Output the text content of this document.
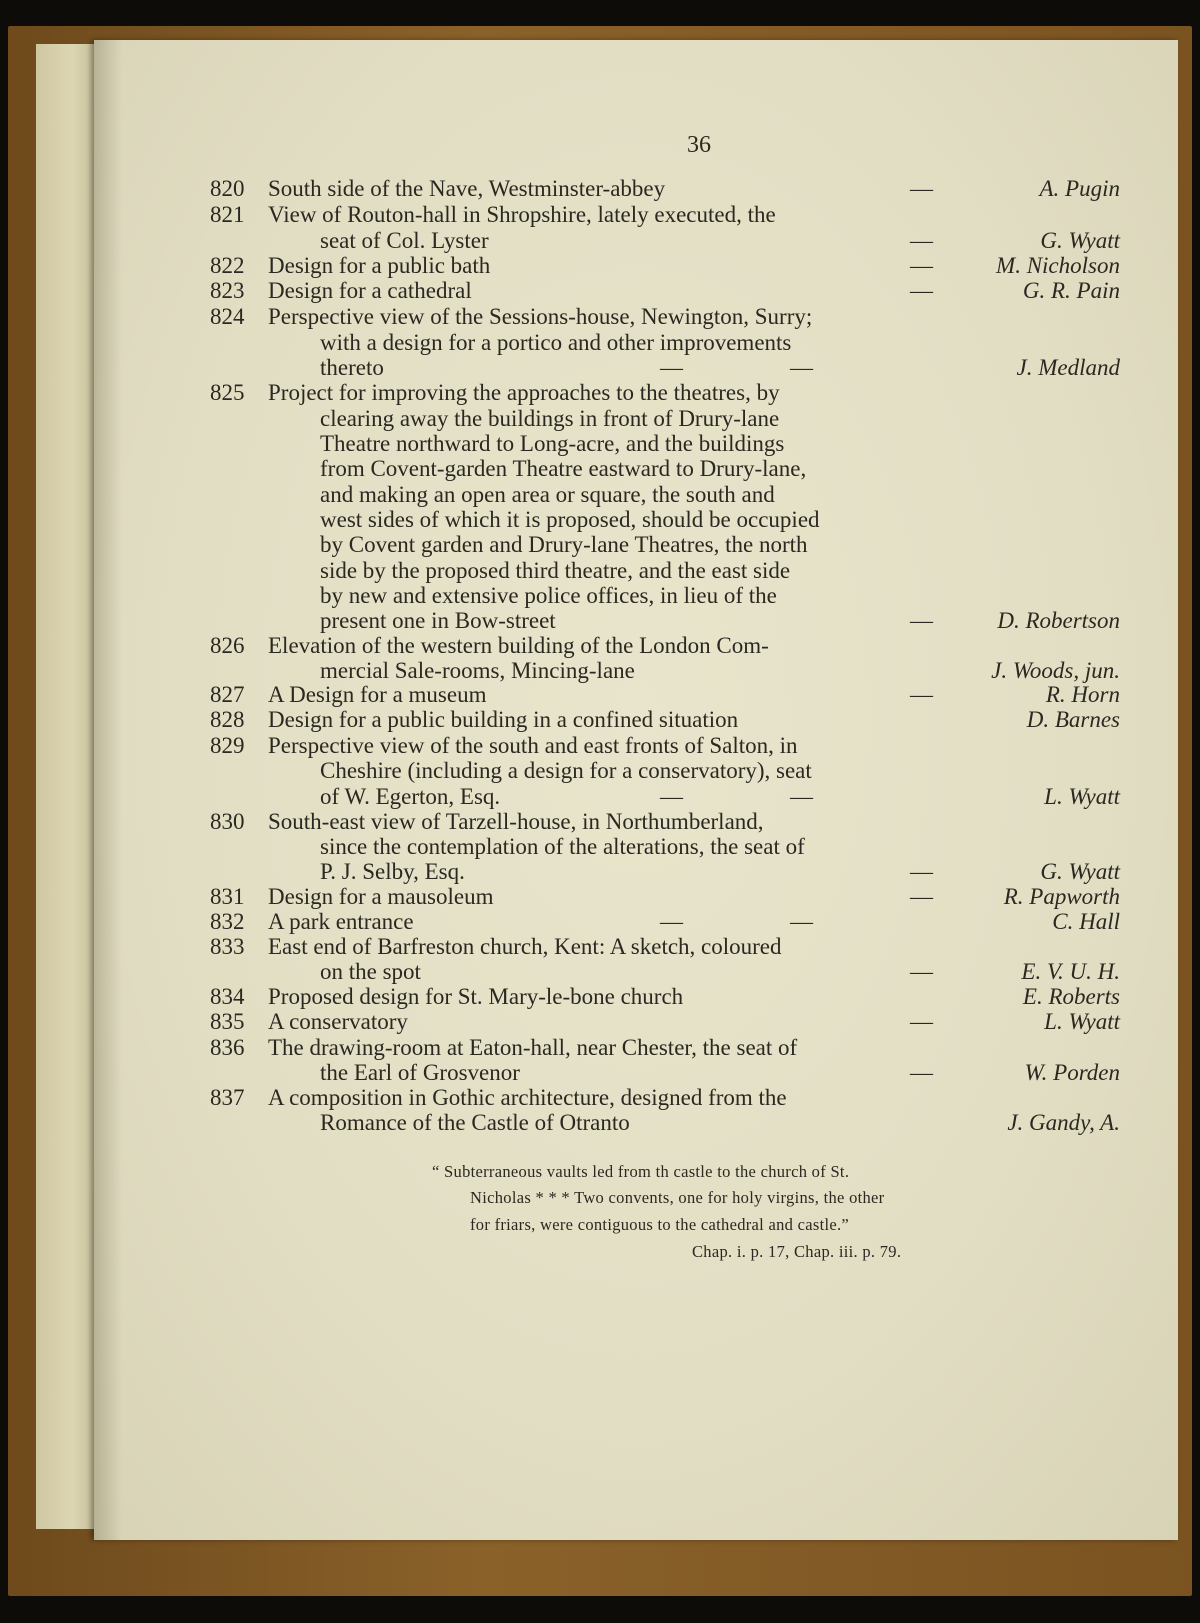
36
820	South side of the Nave, Westminster-abbey	—	A. Pugin
821	View of Routon-hall in Shropshire, lately executed, the
seat of Col. Lyster	—	G. Wyatt
822	Design for a public bath	—	M. Nicholson
823	Design for a cathedral	—	G. R. Pain
824	Perspective view of the Sessions-house, Newington, Surry;
with a design for a portico and other improvements
thereto	—	—	J. Medland
825	Project for improving the approaches to the theatres, by
clearing away the buildings in front of Drury-lane
Theatre northward to Long-acre, and the buildings
from Covent-garden Theatre eastward to Drury-lane,
and making an open area or square, the south and
west sides of which it is proposed, should be occupied
by Covent garden and Drury-lane Theatres, the north
side by the proposed third theatre, and the east side
by new and extensive police offices, in lieu of the
present one in Bow-street	—	D. Robertson
826	Elevation of the western building of the London Com-
mercial Sale-rooms, Mincing-lane	J. Woods, jun.
827	A Design for a museum	—	R. Horn
828	Design for a public building in a confined situation	D. Barnes
829	Perspective view of the south and east fronts of Salton, in
Cheshire (including a design for a conservatory), seat
of W. Egerton, Esq.	—	—	L. Wyatt
830	South-east view of Tarzell-house, in Northumberland,
since the contemplation of the alterations, the seat of
P. J. Selby, Esq.	—	G. Wyatt
831	Design for a mausoleum	—	R. Papworth
832	A park entrance	—	—	C. Hall
833	East end of Barfreston church, Kent: A sketch, coloured
on the spot	—	E. V. U. H.
834	Proposed design for St. Mary-le-bone church	E. Roberts
835	A conservatory	—	L. Wyatt
836	The drawing-room at Eaton-hall, near Chester, the seat of
the Earl of Grosvenor	—	W. Porden
837	A composition in Gothic architecture, designed from the
Romance of the Castle of Otranto	J. Gandy, A.
“ Subterraneous vaults led from th castle to the church of St.
Nicholas * * * Two convents, one for holy virgins, the other
for friars, were contiguous to the cathedral and castle.”
Chap. i. p. 17, Chap. iii. p. 79.
